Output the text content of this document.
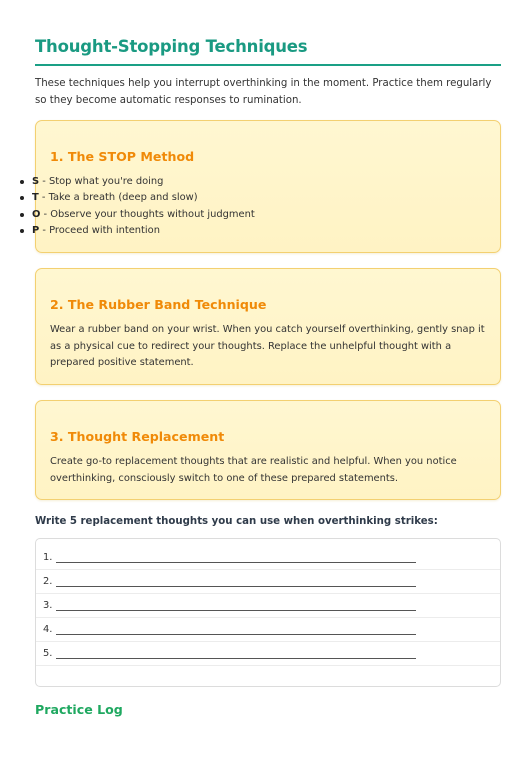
Thought-Stopping Techniques

These techniques help you interrupt overthinking in the moment. Practice them regularly so they become automatic responses to rumination.

1. The STOP Method
S - Stop what you're doing
T - Take a breath (deep and slow)
O - Observe your thoughts without judgment
P - Proceed with intention
2. The Rubber Band Technique

Wear a rubber band on your wrist. When you catch yourself overthinking, gently snap it as a physical cue to redirect your thoughts. Replace the unhelpful thought with a prepared positive statement.

3. Thought Replacement

Create go-to replacement thoughts that are realistic and helpful. When you notice overthinking, consciously switch to one of these prepared statements.

Write 5 replacement thoughts you can use when overthinking strikes:
1.
2.
3.
4.
5.
Practice Log
